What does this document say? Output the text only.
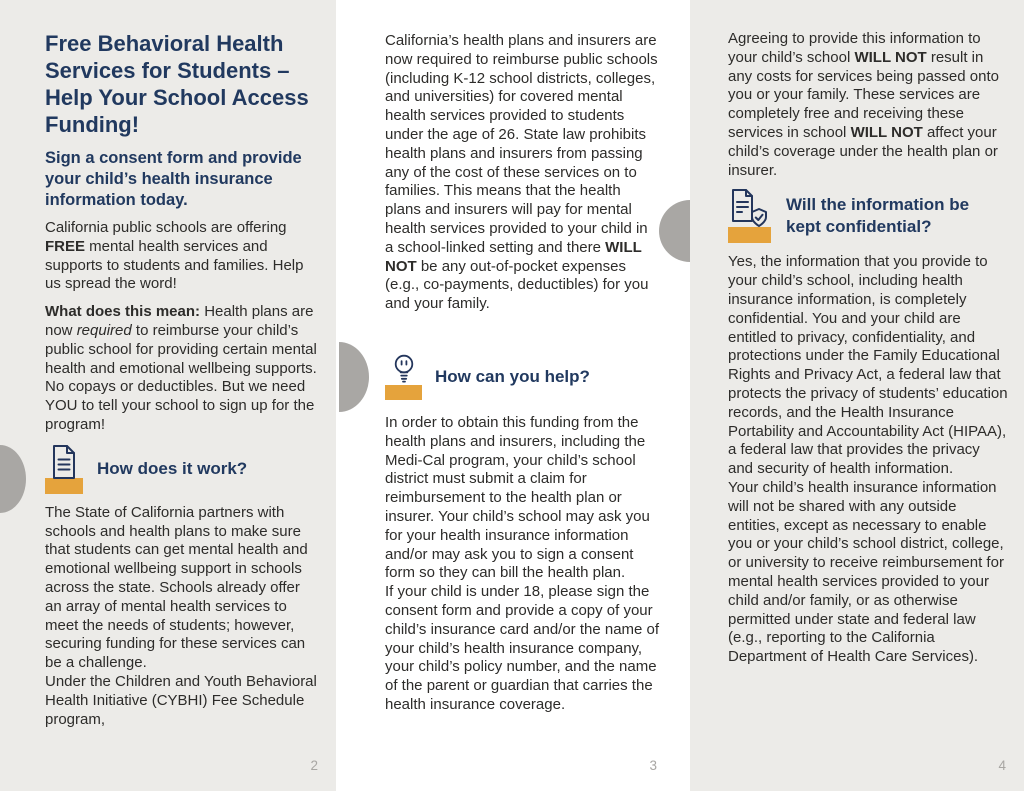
Free Behavioral Health Services for Students – Help Your School Access Funding!
Sign a consent form and provide your child’s health insurance information today.

California public schools are offering FREE mental health services and supports to students and families. Help us spread the word!

What does this mean: Health plans are now required to reimburse your child’s public school for providing certain mental health and emotional wellbeing supports. No copays or deductibles. But we need YOU to tell your school to sign up for the program!

How does it work?

The State of California partners with schools and health plans to make sure that students can get mental health and emotional wellbeing support in schools across the state. Schools already offer an array of mental health services to meet the needs of students; however, securing funding for these services can be a challenge.

Under the Children and Youth Behavioral Health Initiative (CYBHI) Fee Schedule program,

2

California’s health plans and insurers are now required to reimburse public schools (including K-12 school districts, colleges, and universities) for covered mental health services provided to students under the age of 26. State law prohibits health plans and insurers from passing any of the cost of these services on to families. This means that the health plans and insurers will pay for mental health services provided to your child in a school-linked setting and there WILL NOT be any out-of-pocket expenses (e.g., co-payments, deductibles) for you and your family.

How can you help?

In order to obtain this funding from the health plans and insurers, including the Medi-Cal program, your child’s school district must submit a claim for reimbursement to the health plan or insurer. Your child’s school may ask you for your health insurance information and/or may ask you to sign a consent form so they can bill the health plan.

If your child is under 18, please sign the consent form and provide a copy of your child’s insurance card and/or the name of your child’s health insurance company, your child’s policy number, and the name of the parent or guardian that carries the health insurance coverage.

3

Agreeing to provide this information to your child’s school WILL NOT result in any costs for services being passed onto you or your family. These services are completely free and receiving these services in school WILL NOT affect your child’s coverage under the health plan or insurer.

Will the information be kept confidential?

Yes, the information that you provide to your child’s school, including health insurance information, is completely confidential. You and your child are entitled to privacy, confidentiality, and protections under the Family Educational Rights and Privacy Act, a federal law that protects the privacy of students’ education records, and the Health Insurance Portability and Accountability Act (HIPAA), a federal law that provides the privacy and security of health information.

Your child’s health insurance information will not be shared with any outside entities, except as necessary to enable you or your child’s school district, college, or university to receive reimbursement for mental health services provided to your child and/or family, or as otherwise permitted under state and federal law (e.g., reporting to the California Department of Health Care Services).

4
